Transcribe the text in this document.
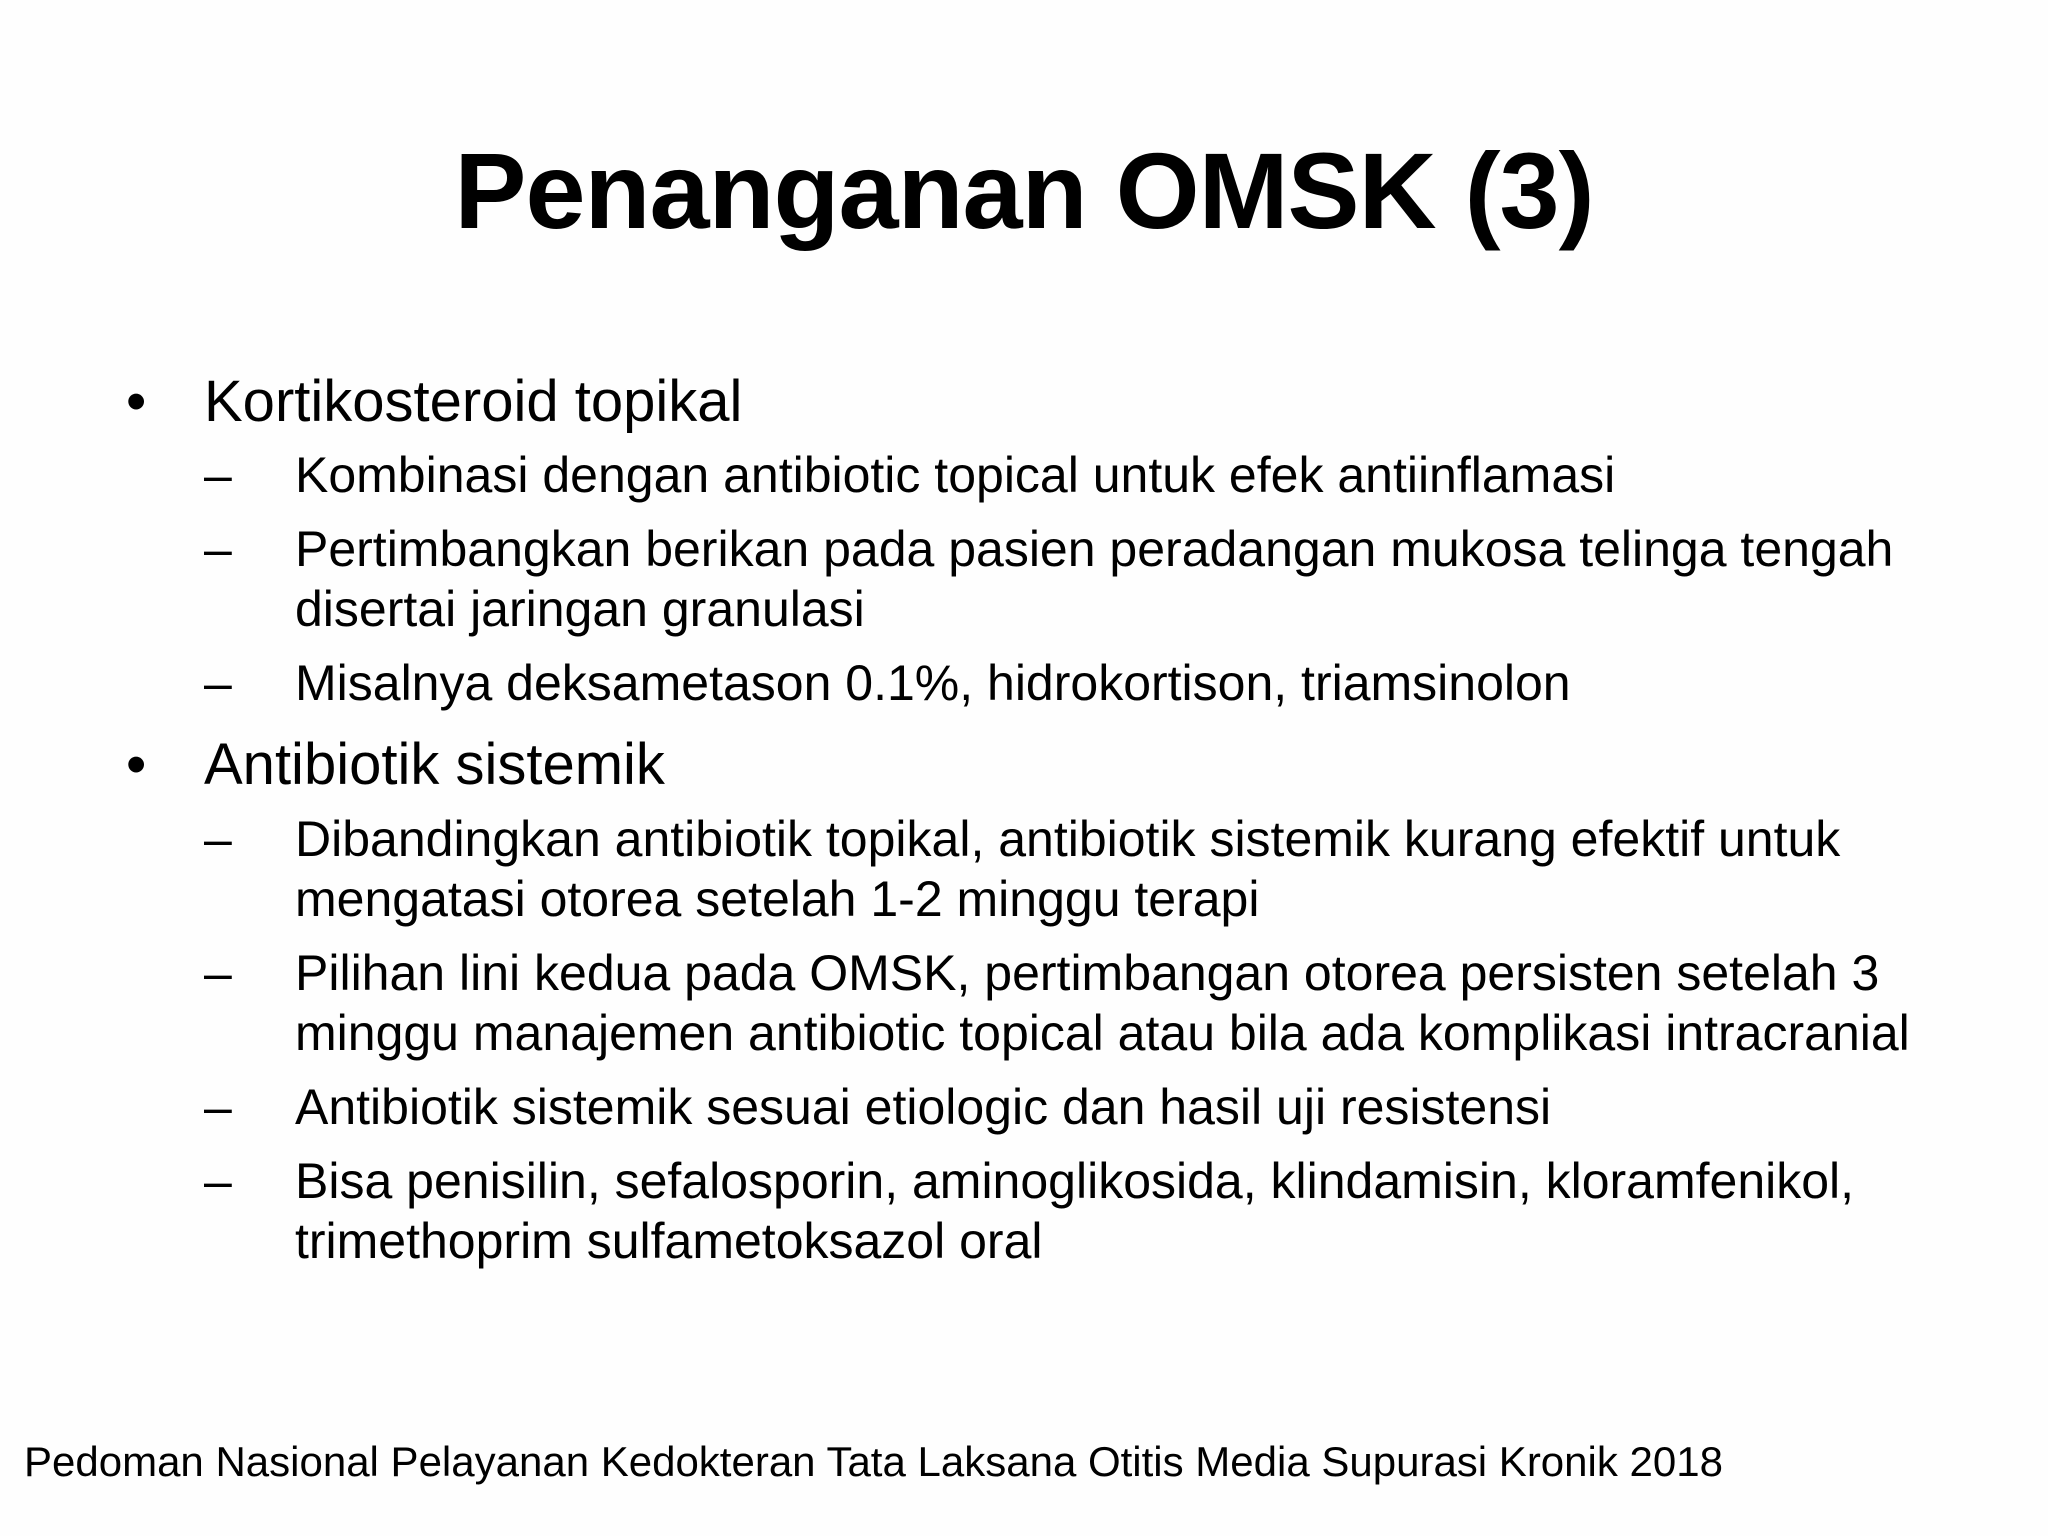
Penanganan OMSK (3)
• Kortikosteroid topikal
– Kombinasi dengan antibiotic topical untuk efek antiinflamasi
– Pertimbangkan berikan pada pasien peradangan mukosa telinga tengah disertai jaringan granulasi
– Misalnya deksametason 0.1%, hidrokortison, triamsinolon
• Antibiotik sistemik
– Dibandingkan antibiotik topikal, antibiotik sistemik kurang efektif untuk mengatasi otorea setelah 1-2 minggu terapi
– Pilihan lini kedua pada OMSK, pertimbangan otorea persisten setelah 3 minggu manajemen antibiotic topical atau bila ada komplikasi intracranial
– Antibiotik sistemik sesuai etiologic dan hasil uji resistensi
– Bisa penisilin, sefalosporin, aminoglikosida, klindamisin, kloramfenikol, trimethoprim sulfametoksazol oral
Pedoman Nasional Pelayanan Kedokteran Tata Laksana Otitis Media Supurasi Kronik 2018
